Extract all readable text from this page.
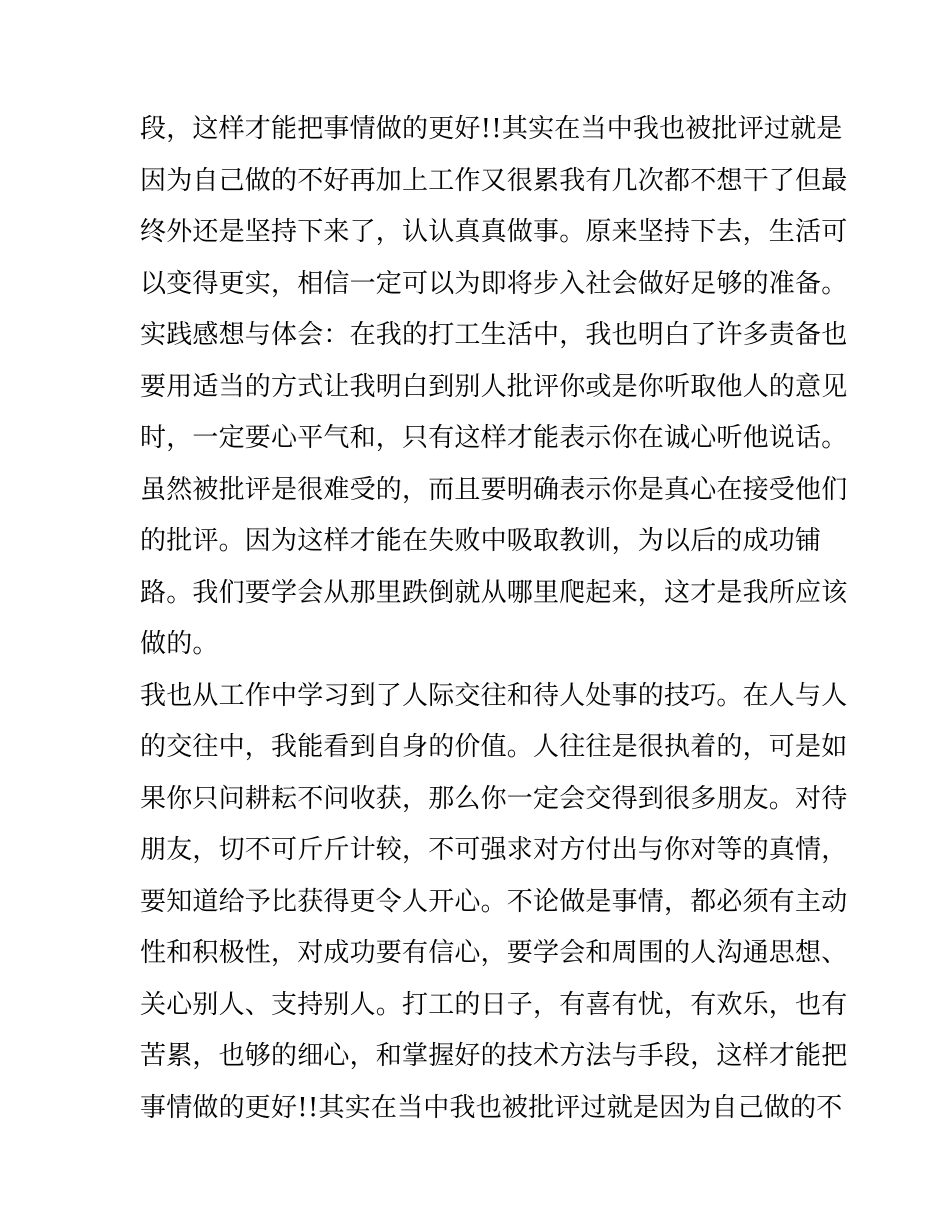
段，这样才能把事情做的更好!!其实在当中我也被批评过就是
因为自己做的不好再加上工作又很累我有几次都不想干了但最
终外还是坚持下来了，认认真真做事。原来坚持下去，生活可
以变得更实，相信一定可以为即将步入社会做好足够的准备。
实践感想与体会：在我的打工生活中，我也明白了许多责备也
要用适当的方式让我明白到别人批评你或是你听取他人的意见
时，一定要心平气和，只有这样才能表示你在诚心听他说话。
虽然被批评是很难受的，而且要明确表示你是真心在接受他们
的批评。因为这样才能在失败中吸取教训，为以后的成功铺
路。我们要学会从那里跌倒就从哪里爬起来，这才是我所应该
做的。
我也从工作中学习到了人际交往和待人处事的技巧。在人与人
的交往中，我能看到自身的价值。人往往是很执着的，可是如
果你只问耕耘不问收获，那么你一定会交得到很多朋友。对待
朋友，切不可斤斤计较，不可强求对方付出与你对等的真情，
要知道给予比获得更令人开心。不论做是事情，都必须有主动
性和积极性，对成功要有信心，要学会和周围的人沟通思想、
关心别人、支持别人。打工的日子，有喜有忧，有欢乐，也有
苦累，也够的细心，和掌握好的技术方法与手段，这样才能把
事情做的更好!!其实在当中我也被批评过就是因为自己做的不
